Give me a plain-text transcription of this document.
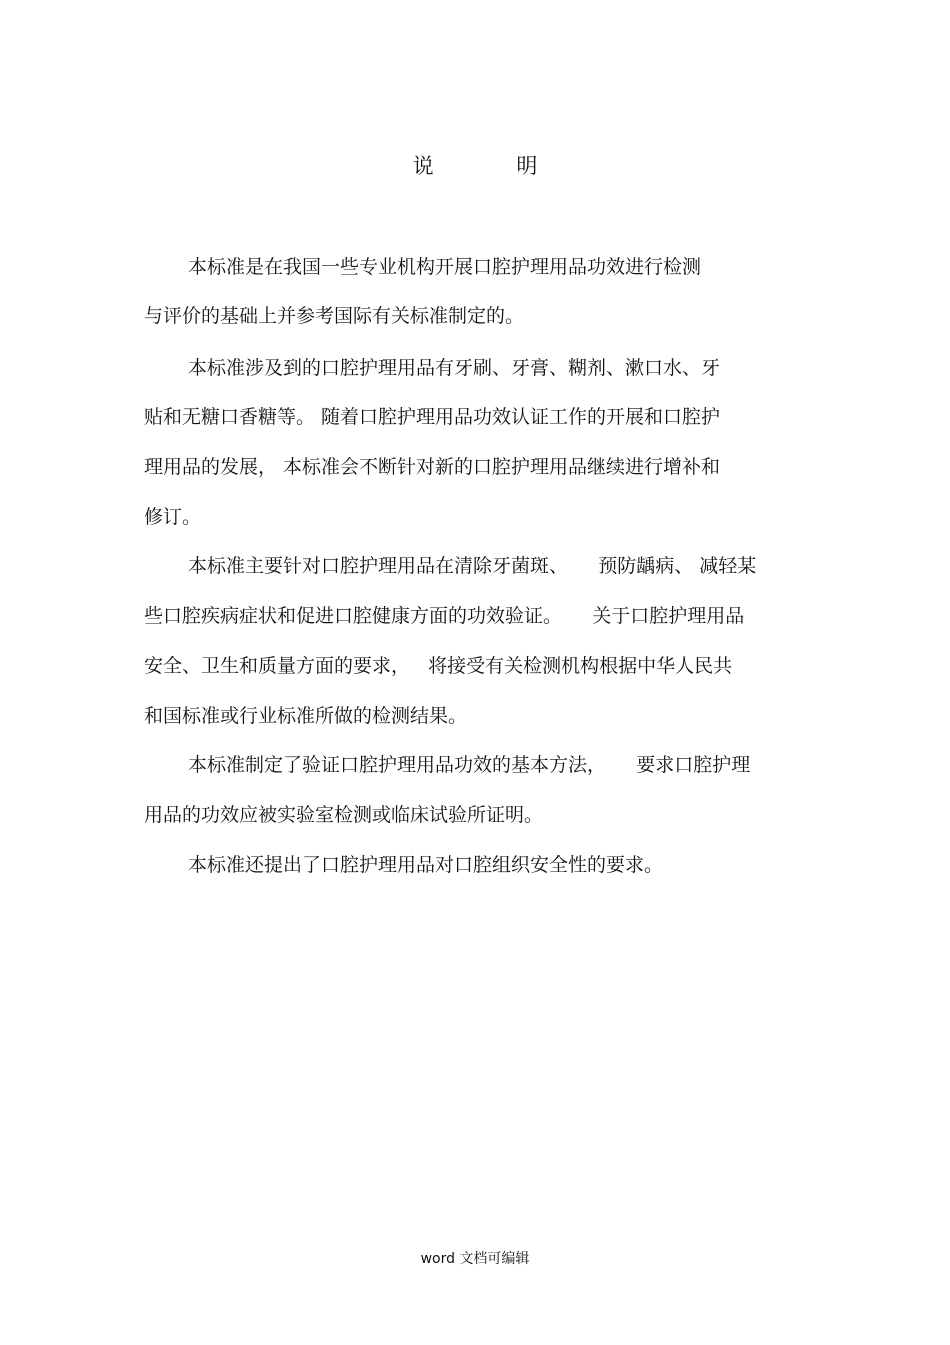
说 明
本标准是在我国一些专业机构开展口腔护理用品功效进行检测
与评价的基础上并参考国际有关标准制定的。
本标准涉及到的口腔护理用品有牙刷、牙膏、糊剂、漱口水、牙
贴和无糖口香糖等。 随着口腔护理用品功效认证工作的开展和口腔护
理用品的发展， 本标准会不断针对新的口腔护理用品继续进行增补和
修订。
本标准主要针对口腔护理用品在清除牙菌斑、     预防龋病、 减轻某
些口腔疾病症状和促进口腔健康方面的功效验证。     关于口腔护理用品
安全、卫生和质量方面的要求，   将接受有关检测机构根据中华人民共
和国标准或行业标准所做的检测结果。
本标准制定了验证口腔护理用品功效的基本方法，     要求口腔护理
用品的功效应被实验室检测或临床试验所证明。
本标准还提出了口腔护理用品对口腔组织安全性的要求。
word 文档可编辑
